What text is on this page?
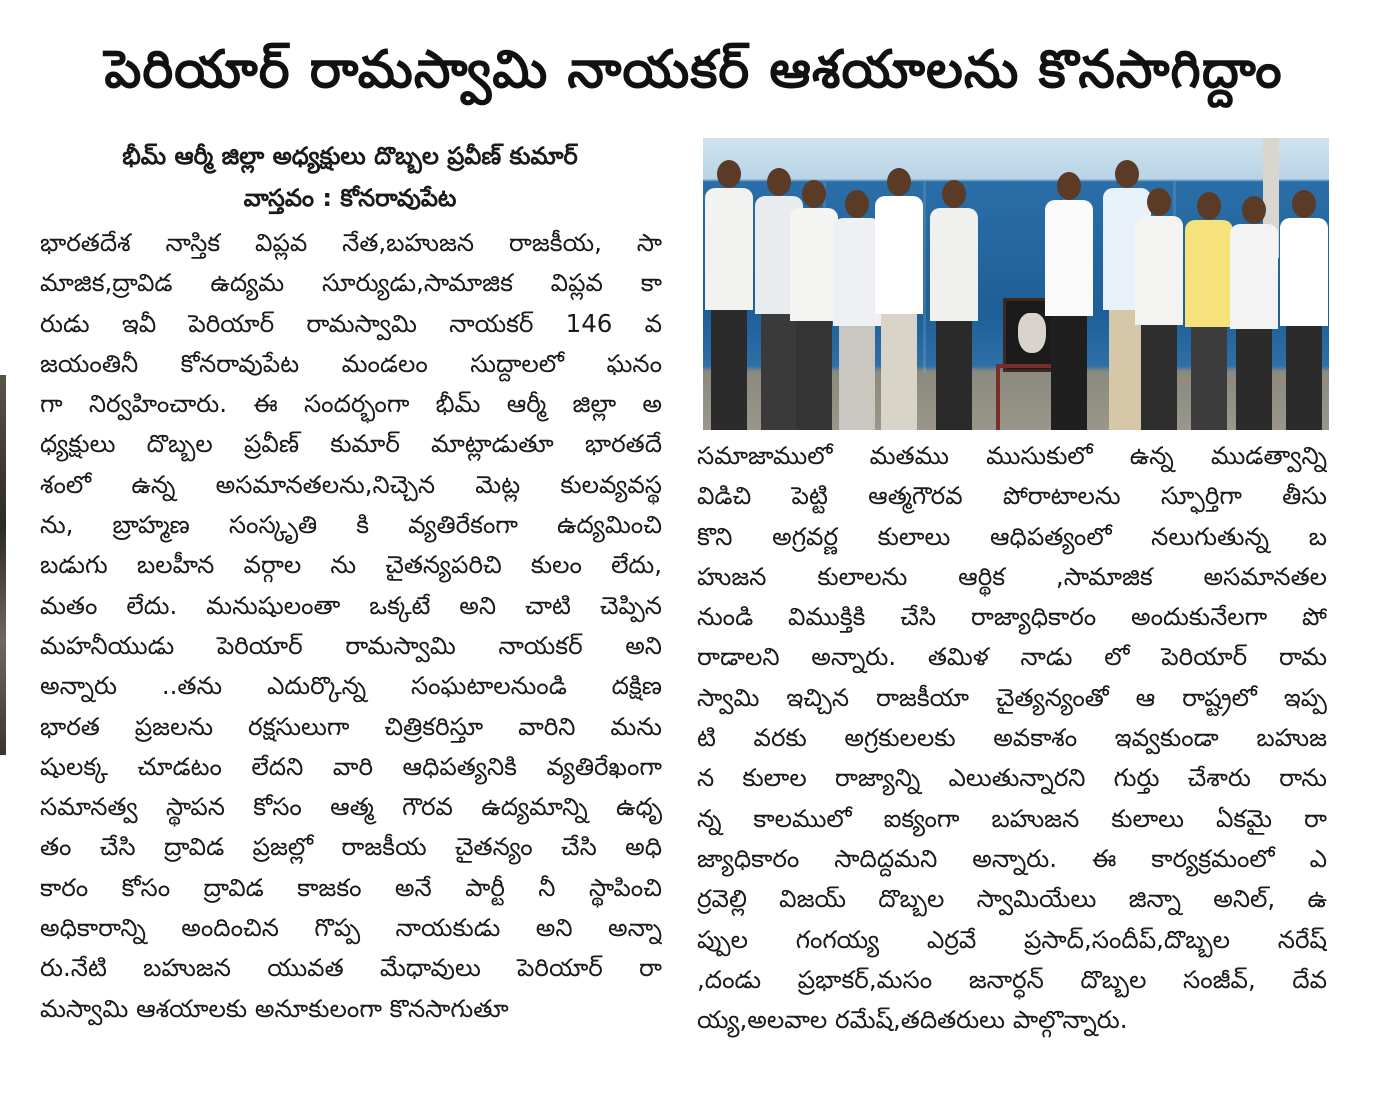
పెరియార్ రామస్వామి నాయకర్ ఆశయాలను కొనసాగిద్దాం
భీమ్ ఆర్మీ జిల్లా అధ్యక్షులు దొబ్బల ప్రవీణ్ కుమార్
వాస్తవం : కోనరావుపేట
భారతదేశ నాస్తిక విప్లవ నేత,బహుజన రాజకీయ, సా
మాజిక,ద్రావిడ ఉద్యమ సూర్యుడు,సామాజిక విప్లవ కా
రుడు ఇవీ పెరియార్ రామస్వామి నాయకర్ 146 వ
జయంతినీ కోనరావుపేట మండలం సుద్దాలలో ఘనం
గా నిర్వహించారు. ఈ సందర్భంగా భీమ్ ఆర్మీ జిల్లా అ
ధ్యక్షులు దొబ్బల ప్రవీణ్ కుమార్ మాట్లాడుతూ భారతదే
శంలో ఉన్న అసమానతలను,నిచ్చెన మెట్ల కులవ్యవస్థ
ను, బ్రాహ్మణ సంస్కృతి కి వ్యతిరేకంగా ఉద్యమించి
బడుగు బలహీన వర్గాల ను చైతన్యపరిచి కులం లేదు,
మతం లేదు. మనుషులంతా ఒక్కటే అని చాటి చెప్పిన
మహనీయుడు పెరియార్ రామస్వామి నాయకర్ అని
అన్నారు ..తను ఎదుర్కొన్న సంఘటాలనుండి దక్షిణ
భారత ప్రజలను రక్షసులుగా చిత్రికరిస్తూ వారిని మను
షులక్క చూడటం లేదని వారి ఆధిపత్యనికి వ్యతిరేఖంగా
సమానత్వ స్థాపన కోసం ఆత్మ గౌరవ ఉద్యమాన్ని ఉధృ
తం చేసి ద్రావిడ ప్రజల్లో రాజకీయ చైతన్యం చేసి అధి
కారం కోసం ద్రావిడ కాజకం అనే పార్టీ నీ స్థాపించి
అధికారాన్ని అందించిన గొప్ప నాయకుడు అని అన్నా
రు.నేటి బహుజన యువత మేధావులు పెరియార్ రా
మస్వామి ఆశయాలకు అనూకులంగా కొనసాగుతూ
సమాజాములో మతము ముసుకులో ఉన్న ముడత్వాన్ని
విడిచి పెట్టి ఆత్మగౌరవ పోరాటాలను స్ఫూర్తిగా తీసు
కొని అగ్రవర్ణ కులాలు ఆధిపత్యంలో నలుగుతున్న బ
హుజన కులాలను ఆర్థిక ,సామాజిక అసమానతల
నుండి విముక్తికి చేసి రాజ్యాధికారం అందుకునేలగా పో
రాడాలని అన్నారు. తమిళ నాడు లో పెరియార్ రామ
స్వామి ఇచ్చిన రాజకీయా చైత్యన్యంతో ఆ రాష్ట్రలో ఇప్ప
టి వరకు అగ్రకులలకు అవకాశం ఇవ్వకుండా బహుజ
న కులాల రాజ్యాన్ని ఎలుతున్నారని గుర్తు చేశారు రాను
న్న కాలములో ఐక్యంగా బహుజన కులాలు ఏకమై రా
జ్యాధికారం సాదిద్దమని అన్నారు. ఈ కార్యక్రమంలో ఎ
ర్రవెల్లి విజయ్ దొబ్బల స్వామియేలు జిన్నా అనిల్, ఉ
ప్పుల గంగయ్య ఎర్రవే ప్రసాద్,సందీప్,దొబ్బల నరేష్
,దండు ప్రభాకర్,మసం జనార్ధన్ దొబ్బల సంజీవ్, దేవ
య్య,అలవాల రమేష్,తదితరులు పాల్గొన్నారు.
